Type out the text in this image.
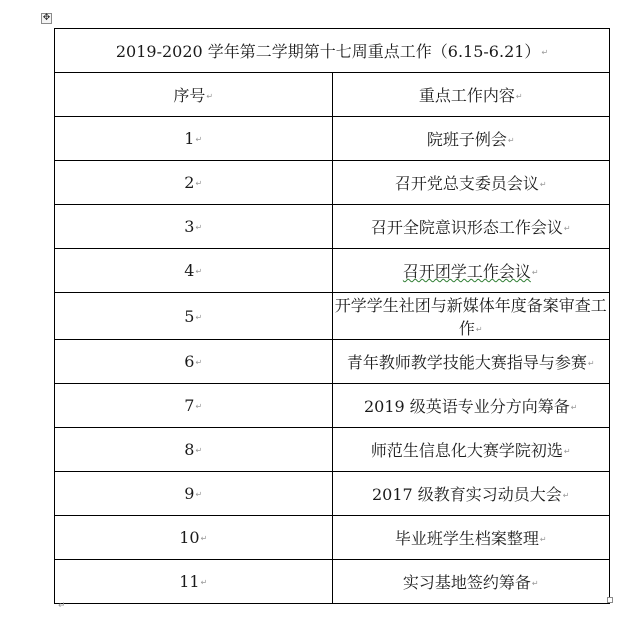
✥
2019-2020 学年第二学期第十七周重点工作（6.15-6.21）↵	
序号↵	重点工作内容↵
1↵	院班子例会↵
2↵	召开党总支委员会议↵
3↵	召开全院意识形态工作会议↵
4↵	召开团学工作会议↵
5↵	开学学生社团与新媒体年度备案审查工作↵
6↵	青年教师教学技能大赛指导与参赛↵
7↵	2019 级英语专业分方向筹备↵
8↵	师范生信息化大赛学院初选↵
9↵	2017 级教育实习动员大会↵
10↵	毕业班学生档案整理↵
11↵	实习基地签约筹备↵
↵
